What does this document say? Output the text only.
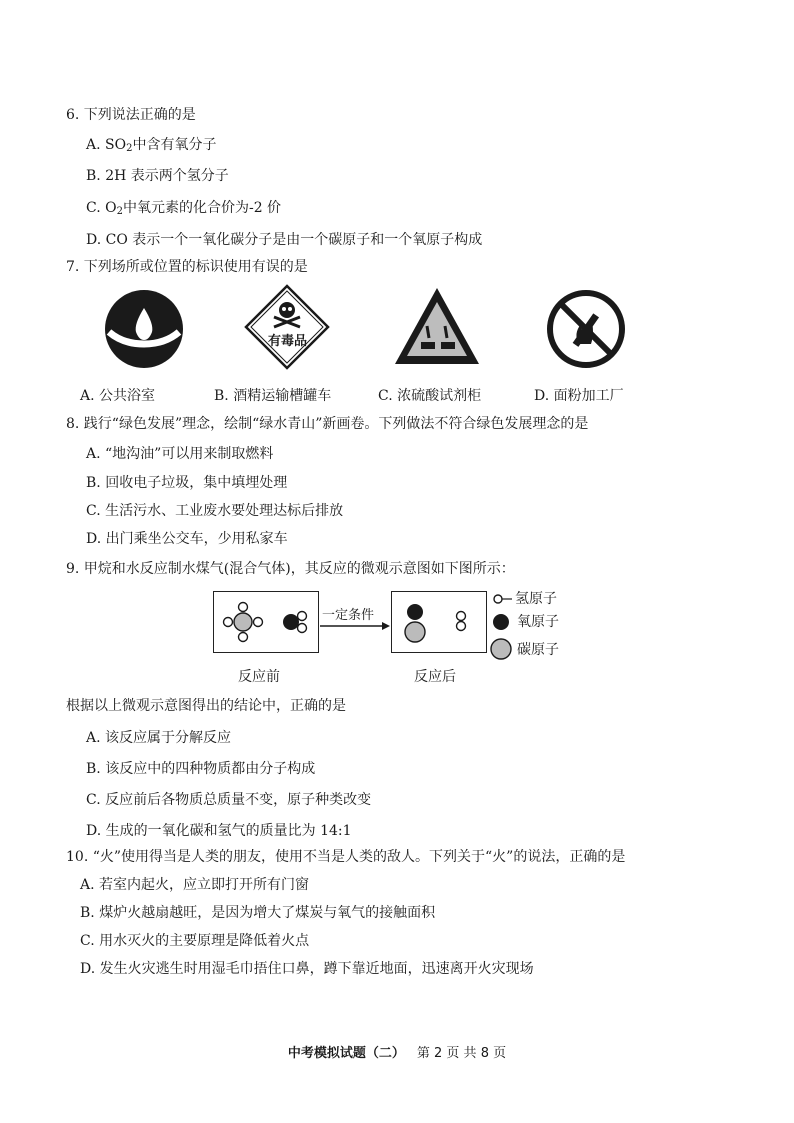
6. 下列说法正确的是
A. $SO_2$中含有氧分子
B. 2H 表示两个氢分子
C. $O_2$中氧元素的化合价为-2 价
D. CO 表示一个一氧化碳分子是由一个碳原子和一个氧原子构成
7. 下列场所或位置的标识使用有误的是
有毒品
A. 公共浴室	B. 酒精运输槽罐车	C. 浓硫酸试剂柜	D. 面粉加工厂
8. 践行“绿色发展”理念，绘制“绿水青山”新画卷。下列做法不符合绿色发展理念的是
A. “地沟油”可以用来制取燃料
B. 回收电子垃圾，集中填埋处理
C. 生活污水、工业废水要处理达标后排放
D. 出门乘坐公交车，少用私家车
9. 甲烷和水反应制水煤气(混合气体)，其反应的微观示意图如下图所示：
一定条件
反应前	反应后
氢原子
氧原子
碳原子
根据以上微观示意图得出的结论中，正确的是
A. 该反应属于分解反应
B. 该反应中的四种物质都由分子构成
C. 反应前后各物质总质量不变，原子种类改变
D. 生成的一氧化碳和氢气的质量比为 14:1
10. “火”使用得当是人类的朋友，使用不当是人类的敌人。下列关于“火”的说法，正确的是
A. 若室内起火，应立即打开所有门窗
B. 煤炉火越扇越旺，是因为增大了煤炭与氧气的接触面积
C. 用水灭火的主要原理是降低着火点
D. 发生火灾逃生时用湿毛巾捂住口鼻，蹲下靠近地面，迅速离开火灾现场
中考模拟试题（二） 第 2 页 共 8 页
